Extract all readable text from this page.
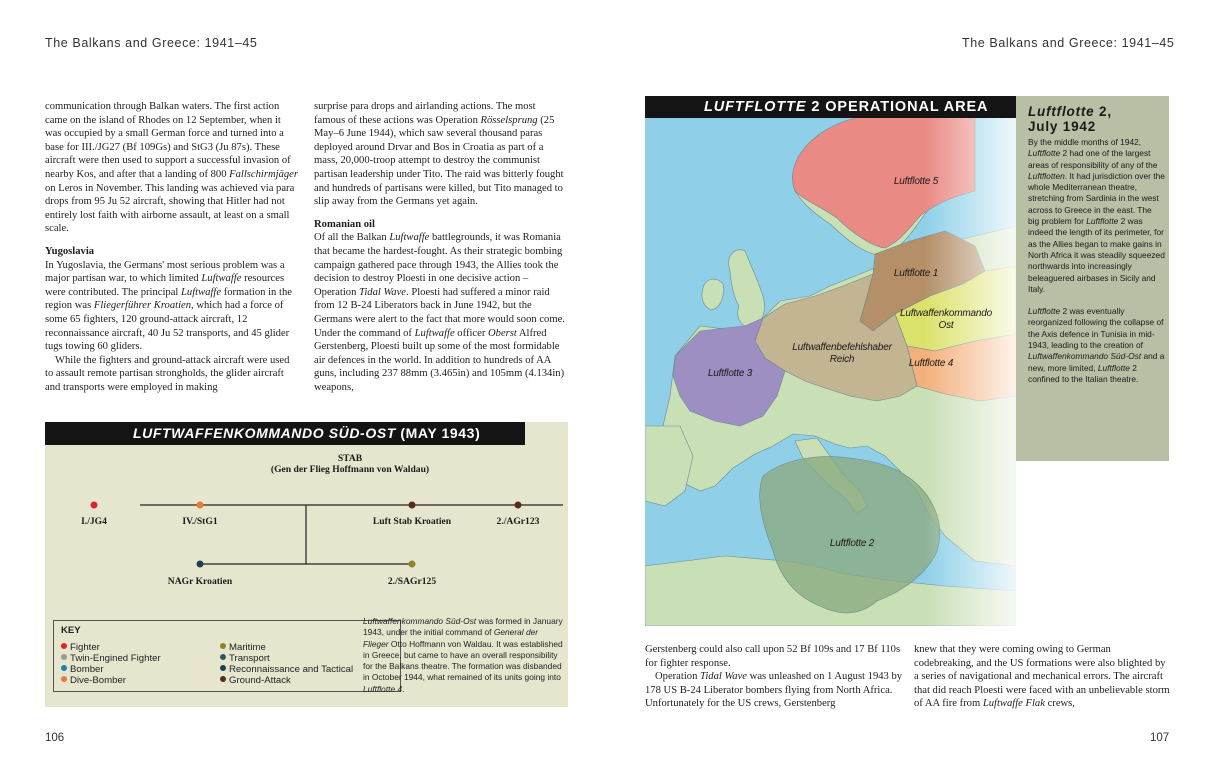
The Balkans and Greece: 1941–45	The Balkans and Greece: 1941–45
106	107

communication through Balkan waters. The first action came on the island of Rhodes on 12 September, when it was occupied by a small German force and turned into a base for III./JG27 (Bf 109Gs) and StG3 (Ju 87s). These aircraft were then used to support a successful invasion of nearby Kos, and after that a landing of 800 Fallschirmjäger on Leros in November. This landing was achieved via para drops from 95 Ju 52 aircraft, showing that Hitler had not entirely lost faith with airborne assault, at least on a small scale.

Yugoslavia

In Yugoslavia, the Germans' most serious problem was a major partisan war, to which limited Luftwaffe resources were contributed. The principal Luftwaffe formation in the region was Fliegerführer Kroatien, which had a force of some 65 fighters, 120 ground-attack aircraft, 12 reconnaissance aircraft, 40 Ju 52 transports, and 45 glider tugs towing 60 gliders.

While the fighters and ground-attack aircraft were used to assault remote partisan strongholds, the glider aircraft and transports were employed in making

surprise para drops and airlanding actions. The most famous of these actions was Operation Rösselsprung (25 May–6 June 1944), which saw several thousand paras deployed around Drvar and Bos in Croatia as part of a mass, 20,000-troop attempt to destroy the communist partisan leadership under Tito. The raid was bitterly fought and hundreds of partisans were killed, but Tito managed to slip away from the Germans yet again.

Romanian oil

Of all the Balkan Luftwaffe battlegrounds, it was Romania that became the hardest-fought. As their strategic bombing campaign gathered pace through 1943, the Allies took the decision to destroy Ploesti in one decisive action – Operation Tidal Wave. Ploesti had suffered a minor raid from 12 B-24 Liberators back in June 1942, but the Germans were alert to the fact that more would soon come. Under the command of Luftwaffe officer Oberst Alfred Gerstenberg, Ploesti built up some of the most formidable air defences in the world. In addition to hundreds of AA guns, including 237 88mm (3.465in) and 105mm (4.134in) weapons,

LUFTWAFFENKOMMANDO SÜD-OST (MAY 1943)
STAB
(Gen der Flieg Hoffmann von Waldau)
I./JG4	IV./StG1	Luft Stab Kroatien	2./AGr123
NAGr Kroatien	2./SAGr125
KEY
Fighter
Twin-Engined Fighter
Bomber
Dive-Bomber
Maritime
Transport
Reconnaissance and Tactical
Ground-Attack
Luftwaffenkommando Süd-Ost was formed in January 1943, under the initial command of General der Flieger Otto Hoffmann von Waldau. It was established in Greece, but came to have an overall responsibility for the Balkans theatre. The formation was disbanded in October 1944, what remained of its units going into Luftflotte 4.
Luftflotte 5
Luftflotte 1
Luftwaffenkommando
Ost
Luftwaffenbefehlshaber
Reich
Luftflotte 3
Luftflotte 4
Luftflotte 2
LUFTFLOTTE 2 OPERATIONAL AREA	Luftflotte 2,
July 1942

By the middle months of 1942, Luftflotte 2 had one of the largest areas of responsibility of any of the Luftflotten. It had jurisdiction over the whole Mediterranean theatre, stretching from Sardinia in the west across to Greece in the east. The big problem for Luftflotte 2 was indeed the length of its perimeter, for as the Allies began to make gains in North Africa it was steadily squeezed northwards into increasingly beleaguered airbases in Sicily and Italy.

Luftflotte 2 was eventually reorganized following the collapse of the Axis defence in Tunisia in mid-1943, leading to the creation of Luftwaffenkommando Süd-Ost and a new, more limited, Luftflotte 2 confined to the Italian theatre.

Gerstenberg could also call upon 52 Bf 109s and 17 Bf 110s for fighter response.

Operation Tidal Wave was unleashed on 1 August 1943 by 178 US B-24 Liberator bombers flying from North Africa. Unfortunately for the US crews, Gerstenberg

knew that they were coming owing to German codebreaking, and the US formations were also blighted by a series of navigational and mechanical errors. The aircraft that did reach Ploesti were faced with an unbelievable storm of AA fire from Luftwaffe Flak crews,
